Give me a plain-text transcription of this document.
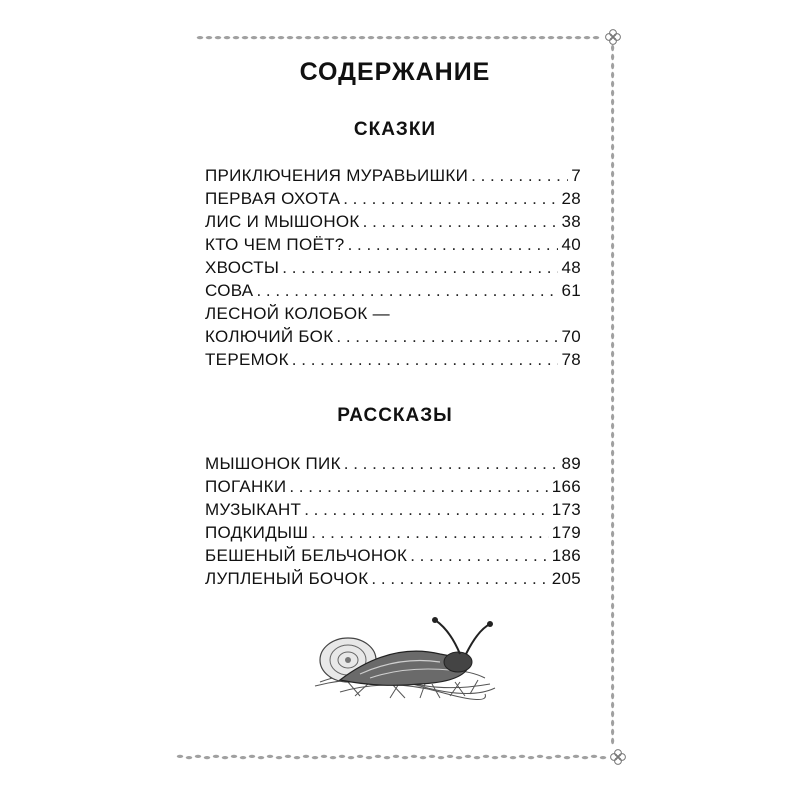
СОДЕРЖАНИЕ
СКАЗКИ
ПРИКЛЮЧЕНИЯ МУРАВЬИШКИ . . .	7
ПЕРВАЯ ОХОТА . . .	28
ЛИС И МЫШОНОК . . .	38
КТО ЧЕМ ПОЁТ? . . .	40
ХВОСТЫ . . .	48
СОВА . . .	61
ЛЕСНОЙ КОЛОБОК —
КОЛЮЧИЙ БОК . . .	70
ТЕРЕМОК . . .	78
РАССКАЗЫ
МЫШОНОК ПИК . . .	89
ПОГАНКИ . . .	166
МУЗЫКАНТ . . .	173
ПОДКИДЫШ . . .	179
БЕШЕНЫЙ БЕЛЬЧОНОК . . .	186
ЛУПЛЕНЫЙ БОЧОК . . .	205
